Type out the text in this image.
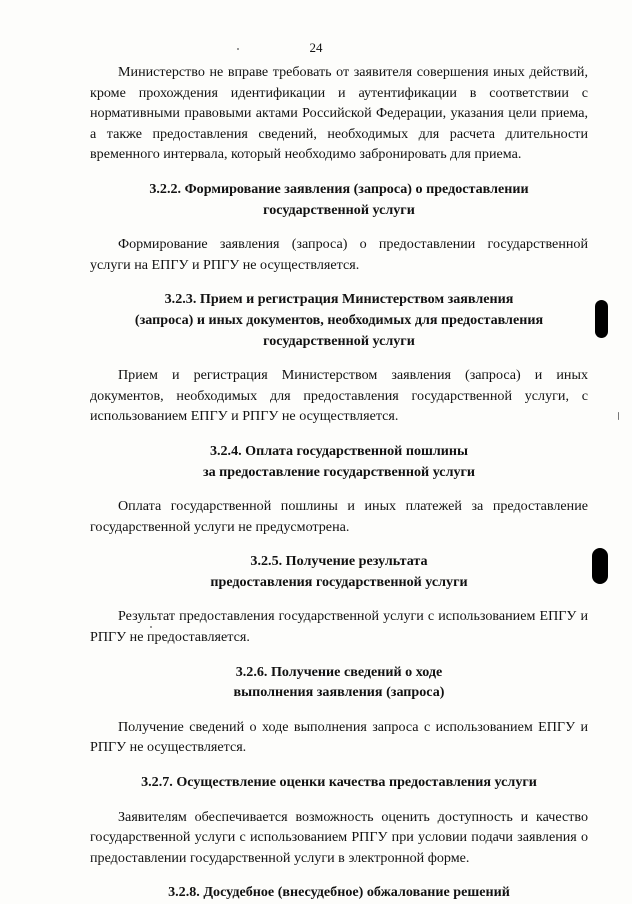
24

Министерство не вправе требовать от заявителя совершения иных действий, кроме прохождения идентификации и аутентификации в соответствии с нормативными правовыми актами Российской Федерации, указания цели приема, а также предоставления сведений, необходимых для расчета длительности временного интервала, который необходимо забронировать для приема.

3.2.2. Формирование заявления (запроса) о предоставлении
государственной услуги

Формирование заявления (запроса) о предоставлении государственной услуги на ЕПГУ и РПГУ не осуществляется.

3.2.3. Прием и регистрация Министерством заявления
(запроса) и иных документов, необходимых для предоставления
государственной услуги

Прием и регистрация Министерством заявления (запроса) и иных документов, необходимых для предоставления государственной услуги, с использованием ЕПГУ и РПГУ не осуществляется.

3.2.4. Оплата государственной пошлины
за предоставление государственной услуги

Оплата государственной пошлины и иных платежей за предоставление государственной услуги не предусмотрена.

3.2.5. Получение результата
предоставления государственной услуги

Результат предоставления государственной услуги с использованием ЕПГУ и РПГУ не предоставляется.

3.2.6. Получение сведений о ходе
выполнения заявления (запроса)

Получение сведений о ходе выполнения запроса с использованием ЕПГУ и РПГУ не осуществляется.

3.2.7. Осуществление оценки качества предоставления услуги

Заявителям обеспечивается возможность оценить доступность и качество государственной услуги с использованием РПГУ при условии подачи заявления о предоставлении государственной услуги в электронной форме.

3.2.8. Досудебное (внесудебное) обжалование решений
